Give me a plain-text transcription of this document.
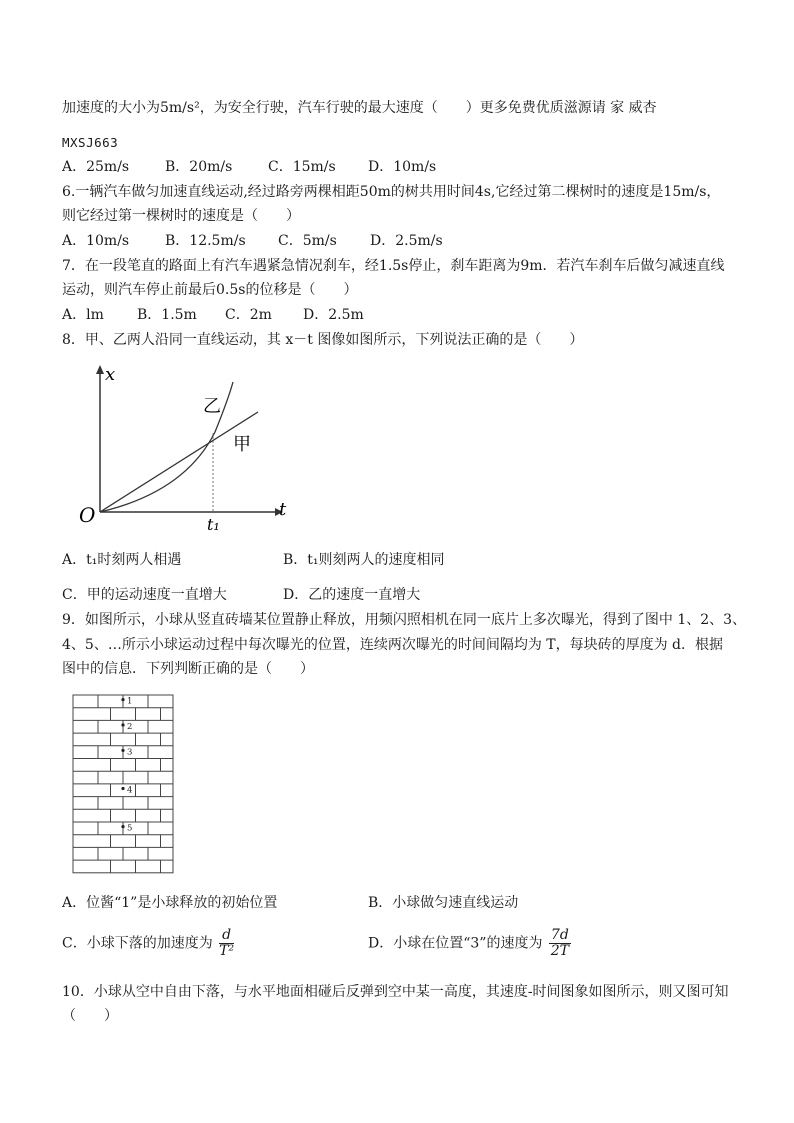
加速度的大小为5m/s²，为安全行驶，汽车行驶的最大速度（　　）更多免费优质滋源请 家 威杏
MXSJ663
A．25m/s	B．20m/s	C．15m/s D．10m/s
6.一辆汽车做匀加速直线运动,经过路旁两棵相距50m的树共用时间4s,它经过第二棵树时的速度是15m/s，
则它经过第一棵树时的速度是（　　）
A．10m/s	B．12.5m/s C．5m/s D．2.5m/s
7．在一段笔直的路面上有汽车遇紧急情况刹车，经1.5s停止，刹车距离为9m．若汽车刹车后做匀减速直线
运动，则汽车停止前最后0.5s的位移是（　　）
A．lm B．1.5m C．2m D．2.5m
8．甲、乙两人沿同一直线运动，其 x－t 图像如图所示，下列说法正确的是（　　）
x
t
O	t₁
甲
乙
A．t₁时刻两人相遇	B．t₁则刻两人的速度相同
C．甲的运动速度一直增大	D．乙的速度一直增大
9．如图所示，小球从竖直砖墙某位置静止释放，用频闪照相机在同一底片上多次曝光，得到了图中 1、2、3、
4、5、…所示小球运动过程中每次曝光的位置，连续两次曝光的时间间隔均为 T，每块砖的厚度为 d．根据
图中的信息．下列判断正确的是（　　）
1
2
3
4
5
A．位酱“1”是小球释放的初始位置	B．小球做匀速直线运动
C．小球下落的加速度为 $\frac{d}{\text{T²}}$	D．小球在位置“3”的速度为 $\frac{7d}{2T}$
10．小球从空中自由下落，与水平地面相碰后反弹到空中某一高度，其速度-时间图象如图所示，则又图可知
（　　）
